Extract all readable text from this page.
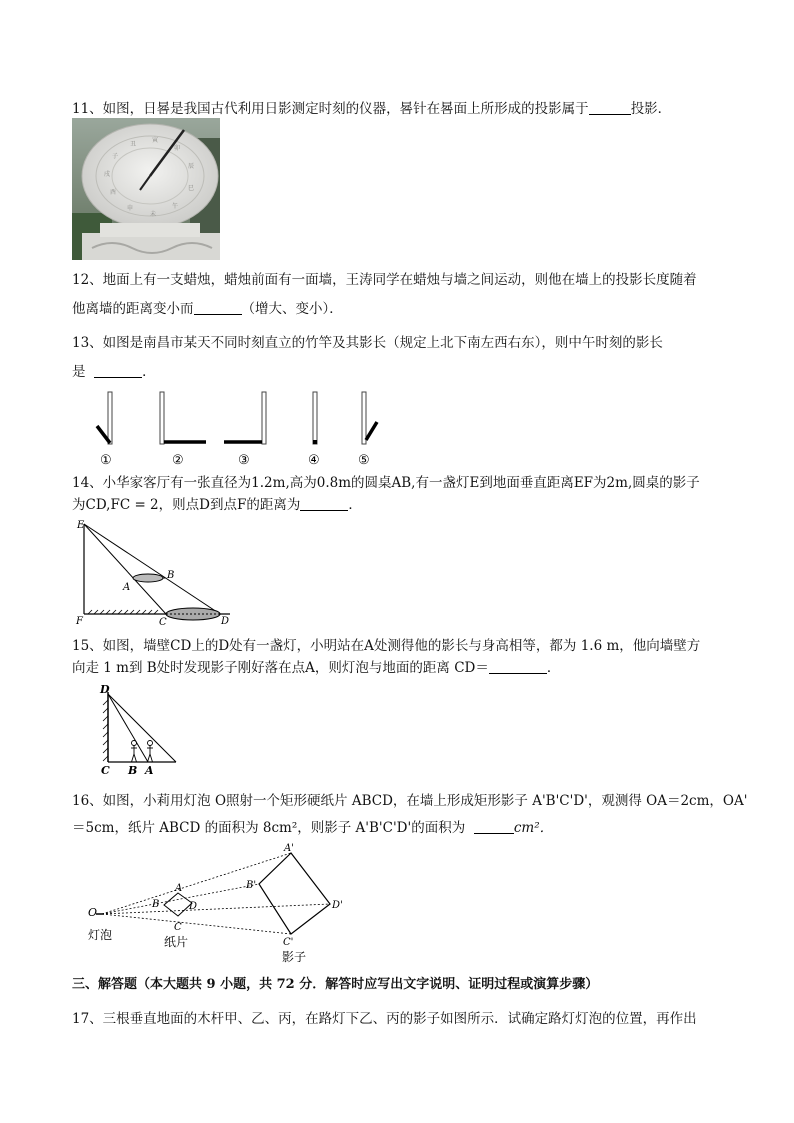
11、如图，日晷是我国古代利用日影测定时刻的仪器，晷针在晷面上所形成的投影属于	投影．
子
丑
寅
卯
辰
巳
午
未
申
酉
戌
12、地面上有一支蜡烛，蜡烛前面有一面墙，王涛同学在蜡烛与墙之间运动，则他在墙上的投影长度随着
他离墙的距离变小而	（增大、变小）．
13、如图是南昌市某天不同时刻直立的竹竿及其影长（规定上北下南左西右东），则中午时刻的影长
是	．
①	②	③	④	⑤
14、小华家客厅有一张直径为1.2m,高为0.8m的圆桌AB,有一盏灯E到地面垂直距离EF为2m,圆桌的影子
为CD,FC = 2，则点D到点F的距离为	．
E
A
B
F	C	D
15、如图，墙壁CD上的D处有一盏灯，小明站在A处测得他的影长与身高相等，都为 1.6 m，他向墙壁方
向走 1 m到 B处时发现影子刚好落在点A，则灯泡与地面的距离 CD＝	．
D
C B A
16、如图，小莉用灯泡 O照射一个矩形硬纸片 ABCD，在墙上形成矩形影子 A'B'C'D'，观测得 OA＝2cm，OA'
＝5cm，纸片 ABCD 的面积为 8cm²，则影子 A'B'C'D'的面积为	cm²．
O
A
B	D
C
A'
B'
D'
C'
灯泡	纸片
影子
三、解答题（本大题共 9 小题，共 72 分．解答时应写出文字说明、证明过程或演算步骤）
17、三根垂直地面的木杆甲、乙、丙，在路灯下乙、丙的影子如图所示．试确定路灯灯泡的位置，再作出
